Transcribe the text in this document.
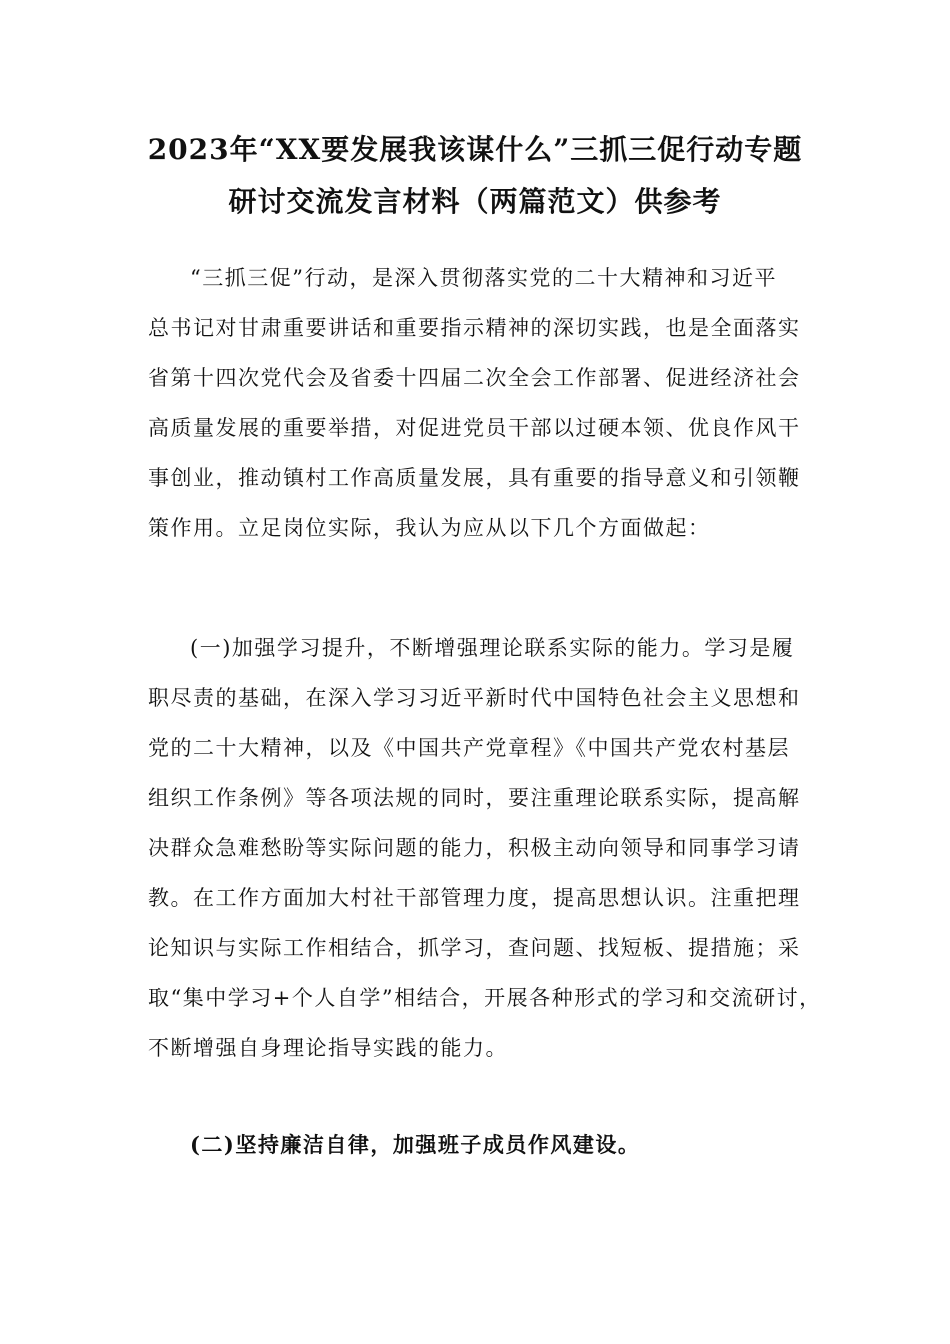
2023年“XX要发展我该谋什么”三抓三促行动专题
研讨交流发言材料（两篇范文）供参考
“三抓三促”行动，是深入贯彻落实党的二十大精神和习近平
总书记对甘肃重要讲话和重要指示精神的深切实践，也是全面落实
省第十四次党代会及省委十四届二次全会工作部署、促进经济社会
高质量发展的重要举措，对促进党员干部以过硬本领、优良作风干
事创业，推动镇村工作高质量发展，具有重要的指导意义和引领鞭
策作用。立足岗位实际，我认为应从以下几个方面做起：
(一)加强学习提升，不断增强理论联系实际的能力。学习是履
职尽责的基础，在深入学习习近平新时代中国特色社会主义思想和
党的二十大精神，以及《中国共产党章程》《中国共产党农村基层
组织工作条例》等各项法规的同时，要注重理论联系实际，提高解
决群众急难愁盼等实际问题的能力，积极主动向领导和同事学习请
教。在工作方面加大村社干部管理力度，提高思想认识。注重把理
论知识与实际工作相结合，抓学习，查问题、找短板、提措施；采
取“集中学习+个人自学”相结合，开展各种形式的学习和交流研讨，
不断增强自身理论指导实践的能力。
(二)坚持廉洁自律，加强班子成员作风建设。
